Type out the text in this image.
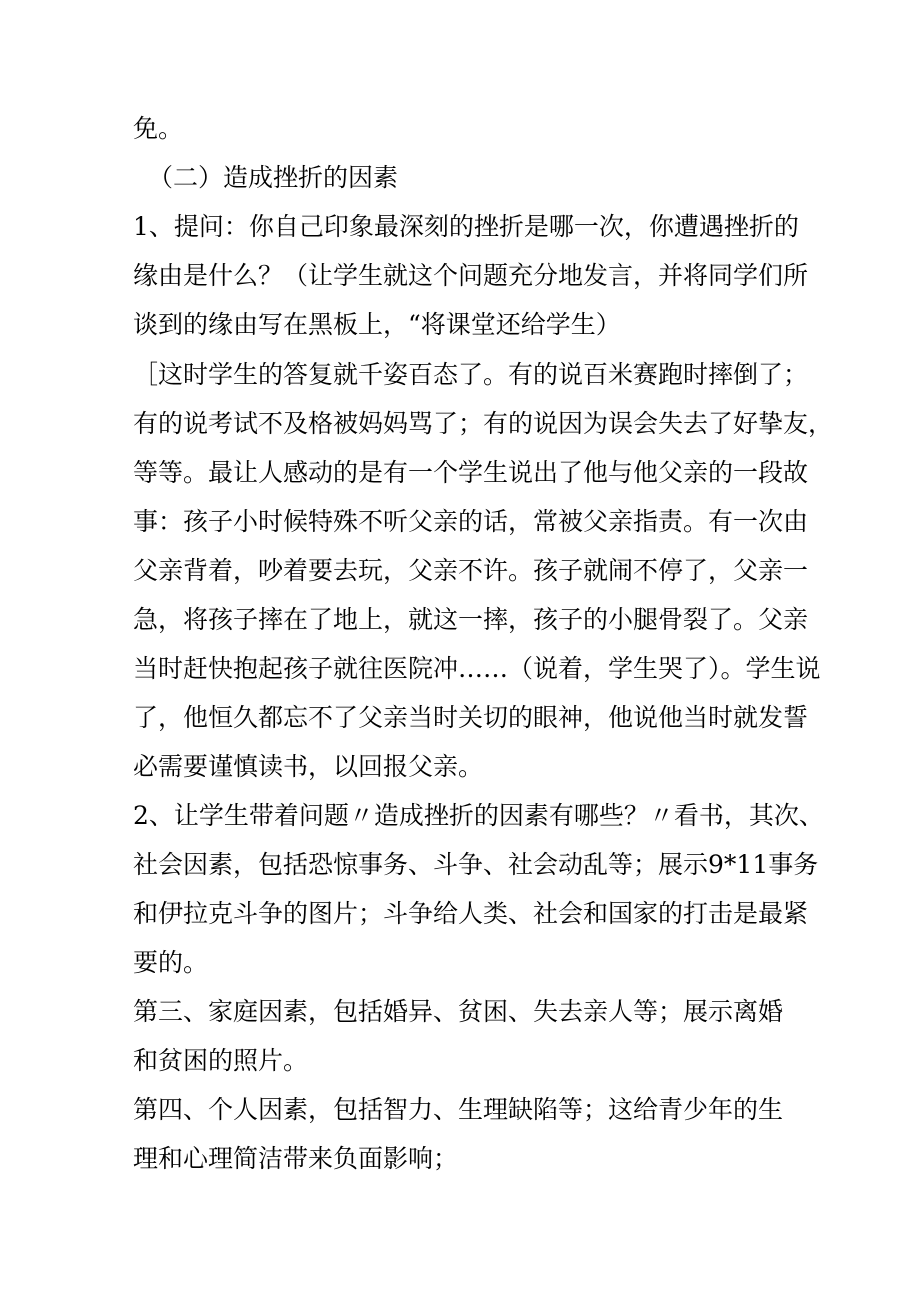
免。
（二）造成挫折的因素
1、提问：你自己印象最深刻的挫折是哪一次，你遭遇挫折的
缘由是什么？（让学生就这个问题充分地发言，并将同学们所
谈到的缘由写在黑板上，“将课堂还给学生）
［这时学生的答复就千姿百态了。有的说百米赛跑时摔倒了；
有的说考试不及格被妈妈骂了；有的说因为误会失去了好挚友，
等等。最让人感动的是有一个学生说出了他与他父亲的一段故
事：孩子小时候特殊不听父亲的话，常被父亲指责。有一次由
父亲背着，吵着要去玩，父亲不许。孩子就闹不停了，父亲一
急，将孩子摔在了地上，就这一摔，孩子的小腿骨裂了。父亲
当时赶快抱起孩子就往医院冲……（说着，学生哭了）。学生说
了，他恒久都忘不了父亲当时关切的眼神，他说他当时就发誓
必需要谨慎读书，以回报父亲。
2、让学生带着问题〃造成挫折的因素有哪些？〃看书，其次、
社会因素，包括恐惊事务、斗争、社会动乱等；展示9*11事务
和伊拉克斗争的图片；斗争给人类、社会和国家的打击是最紧
要的。
第三、家庭因素，包括婚异、贫困、失去亲人等；展示离婚
和贫困的照片。
第四、个人因素，包括智力、生理缺陷等；这给青少年的生
理和心理简洁带来负面影响；
